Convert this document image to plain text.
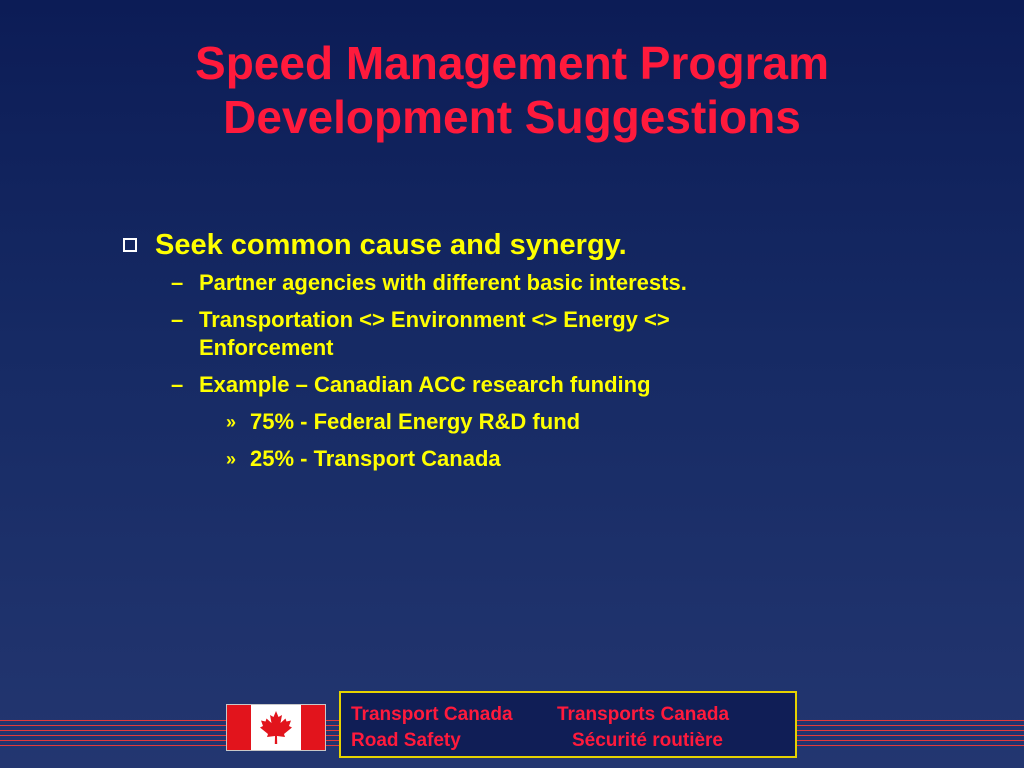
Speed Management Program
Development Suggestions
Seek common cause and synergy.
– Partner agencies with different basic interests.
– Transportation <> Environment <> Energy <>
Enforcement
– Example – Canadian ACC research funding
» 75% - Federal Energy R&D fund
» 25% - Transport Canada
Transport Canada Transports Canada
Road Safety	Sécurité routière
